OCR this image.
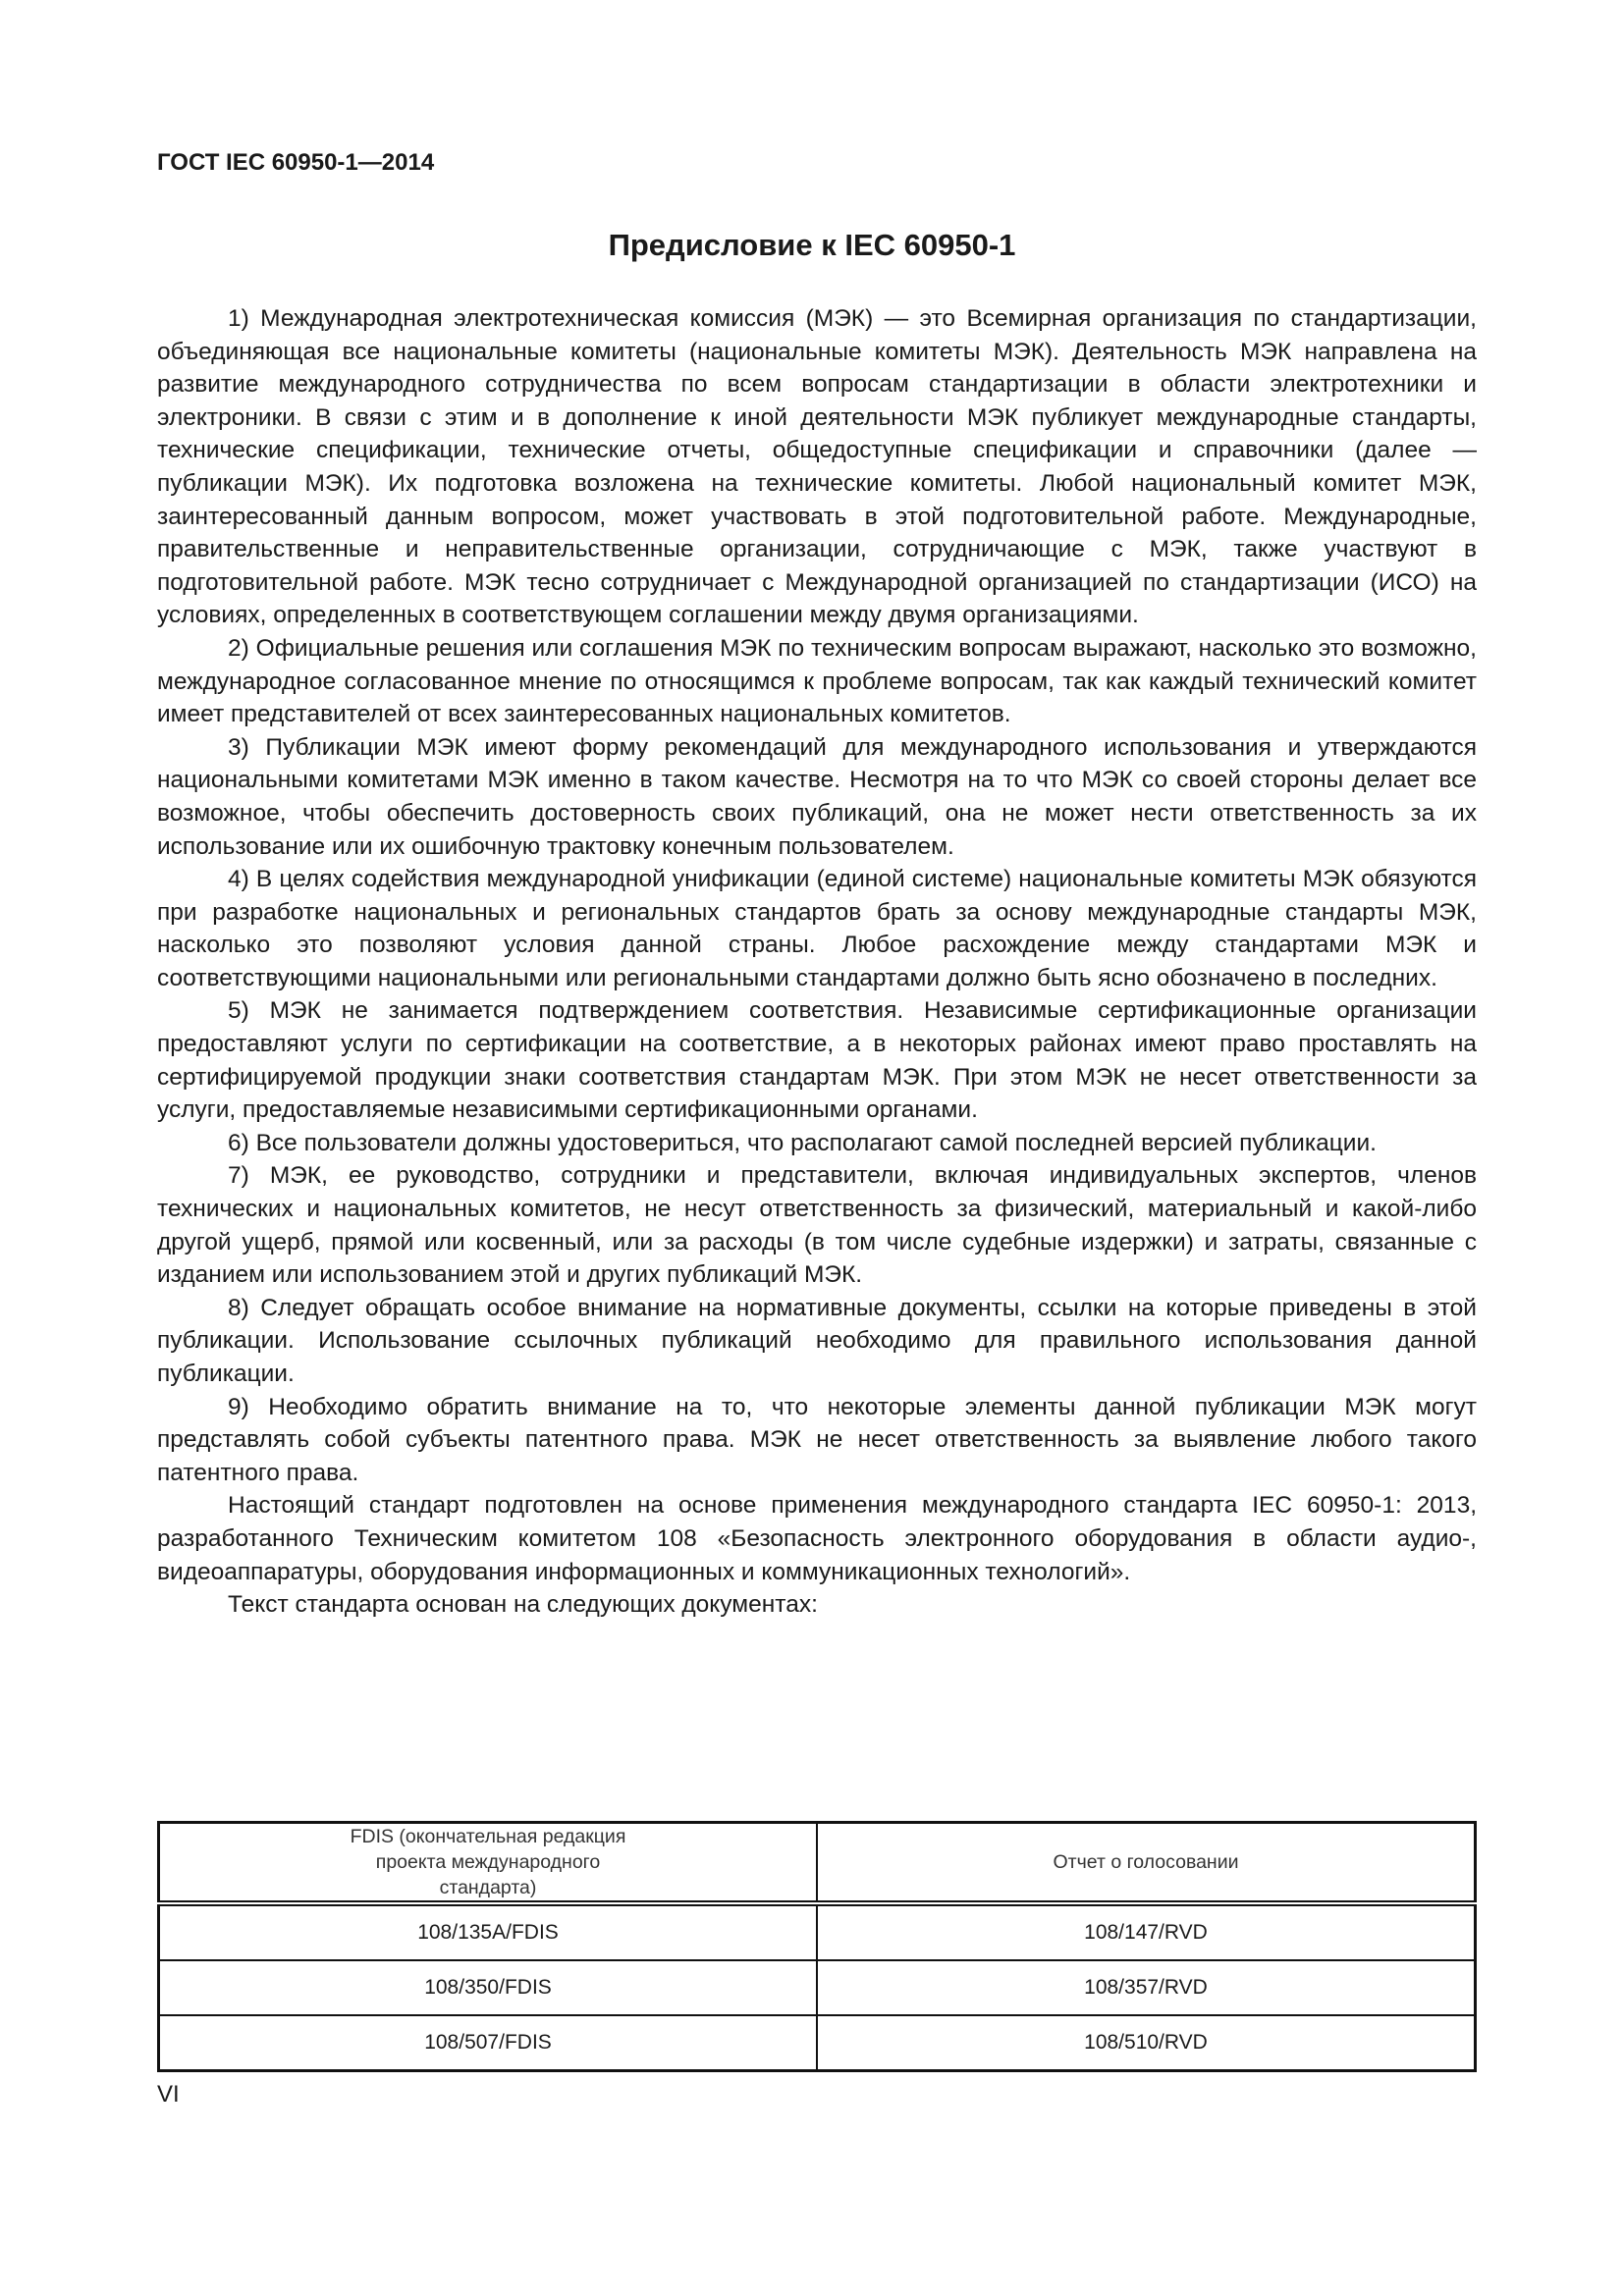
ГОСТ IEC 60950-1—2014
Предисловие к IEC 60950-1

1) Международная электротехническая комиссия (МЭК) — это Всемирная организация по стандартизации, объединяющая все национальные комитеты (национальные комитеты МЭК). Деятельность МЭК направлена на развитие международного сотрудничества по всем вопросам стандартизации в области электротехники и электроники. В связи с этим и в дополнение к иной деятельности МЭК публикует международные стандарты, технические спецификации, технические отчеты, общедоступные спецификации и справочники (далее — публикации МЭК). Их подготовка возложена на технические комитеты. Любой национальный комитет МЭК, заинтересованный данным вопросом, может участвовать в этой подготовительной работе. Международные, правительственные и неправительственные организации, сотрудничающие с МЭК, также участвуют в подготовительной работе. МЭК тесно сотрудничает с Международной организацией по стандартизации (ИСО) на условиях, определенных в соответствующем соглашении между двумя организациями.

2) Официальные решения или соглашения МЭК по техническим вопросам выражают, насколько это возможно, международное согласованное мнение по относящимся к проблеме вопросам, так как каждый технический комитет имеет представителей от всех заинтересованных национальных комитетов.

3) Публикации МЭК имеют форму рекомендаций для международного использования и утверждаются национальными комитетами МЭК именно в таком качестве. Несмотря на то что МЭК со своей стороны делает все возможное, чтобы обеспечить достоверность своих публикаций, она не может нести ответственность за их использование или их ошибочную трактовку конечным пользователем.

4) В целях содействия международной унификации (единой системе) национальные комитеты МЭК обязуются при разработке национальных и региональных стандартов брать за основу международные стандарты МЭК, насколько это позволяют условия данной страны. Любое расхождение между стандартами МЭК и соответствующими национальными или региональными стандартами должно быть ясно обозначено в последних.

5) МЭК не занимается подтверждением соответствия. Независимые сертификационные организации предоставляют услуги по сертификации на соответствие, а в некоторых районах имеют право проставлять на сертифицируемой продукции знаки соответствия стандартам МЭК. При этом МЭК не несет ответственности за услуги, предоставляемые независимыми сертификационными органами.

6) Все пользователи должны удостовериться, что располагают самой последней версией публикации.

7) МЭК, ее руководство, сотрудники и представители, включая индивидуальных экспертов, членов технических и национальных комитетов, не несут ответственность за физический, материальный и какой-либо другой ущерб, прямой или косвенный, или за расходы (в том числе судебные издержки) и затраты, связанные с изданием или использованием этой и других публикаций МЭК.

8) Следует обращать особое внимание на нормативные документы, ссылки на которые приведены в этой публикации. Использование ссылочных публикаций необходимо для правильного использования данной публикации.

9) Необходимо обратить внимание на то, что некоторые элементы данной публикации МЭК могут представлять собой субъекты патентного права. МЭК не несет ответственность за выявление любого такого патентного права.

Настоящий стандарт подготовлен на основе применения международного стандарта IEC 60950-1: 2013, разработанного Техническим комитетом 108 «Безопасность электронного оборудования в области аудио-, видеоаппаратуры, оборудования информационных и коммуникационных технологий».

Текст стандарта основан на следующих документах:

FDIS (окончательная редакция проекта международного стандарта)	Отчет о голосовании
108/135A/FDIS	108/147/RVD
108/350/FDIS	108/357/RVD
108/507/FDIS	108/510/RVD
VI
